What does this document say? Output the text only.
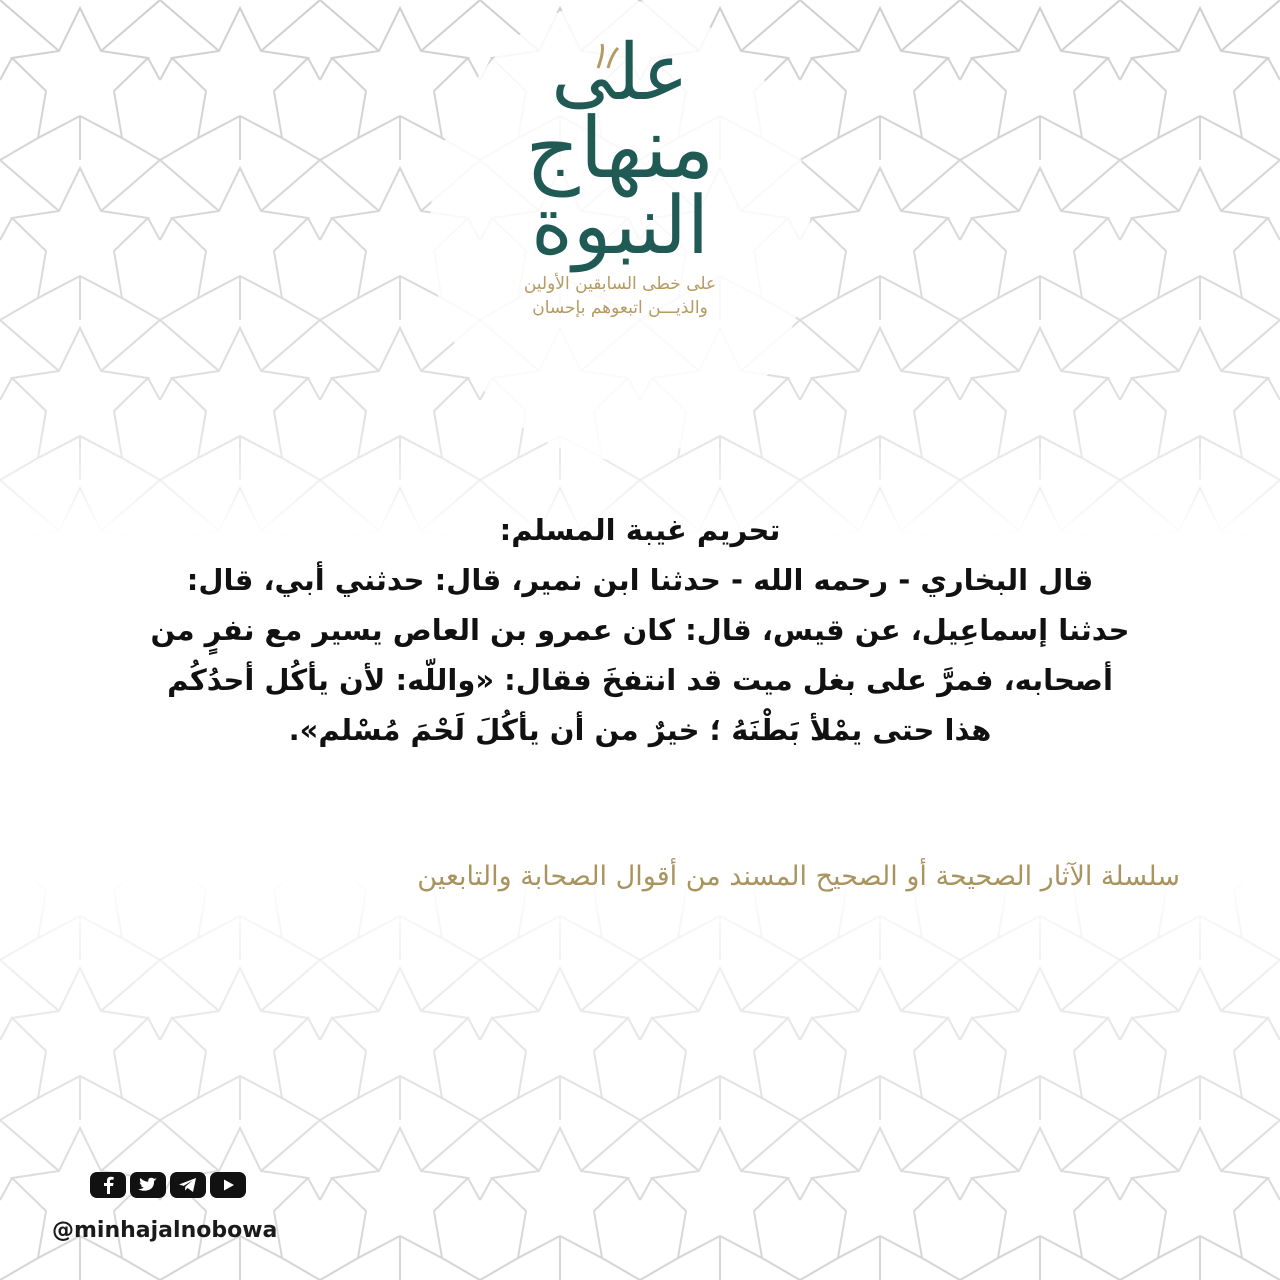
على
منهاج
النبوة
على خطى السابقين الأولين
والذيـــن اتبعوهم بإحسان
تحريم غيبة المسلم:
قال البخاري - رحمه الله - حدثنا ابن نمير، قال: حدثني أبي، قال:
حدثنا إسماعِيل، عن قيس، قال: كان عمرو بن العاص يسير مع نفرٍ من
أصحابه، فمرَّ على بغل ميت قد انتفخَ فقال: «واللّه: لأن يأكُل أحدُكُم
هذا حتى يمْلأ بَطْنَهُ ؛ خيرٌ من أن يأكُلَ لَحْمَ مُسْلم».
سلسلة الآثار الصحيحة أو الصحيح المسند من أقوال الصحابة والتابعين
@minhajalnobowa
